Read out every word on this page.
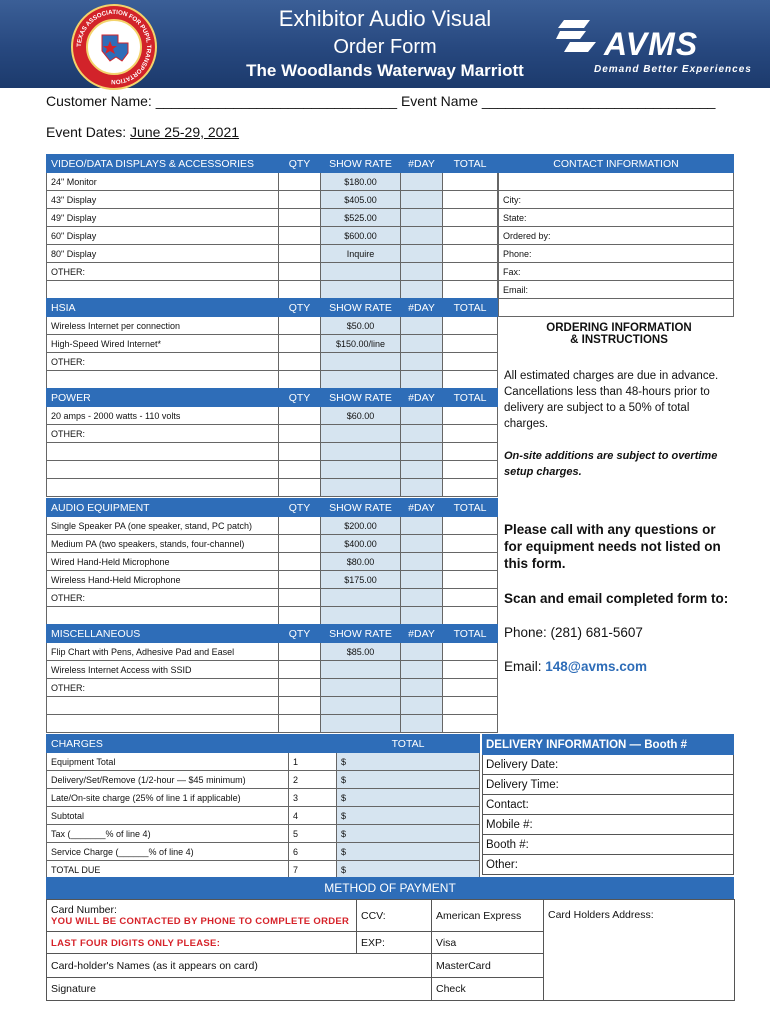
TEXAS ASSOCIATION FOR PUPIL TRANSPORTATION
Exhibitor Audio Visual
Order Form
The Woodlands Waterway Marriott
AVMS
Demand Better Experiences
Customer Name: _______________________________ Event Name ______________________________
Event Dates: June 25-29, 2021
VIDEO/DATA DISPLAYS & ACCESSORIES	QTY	SHOW RATE	#DAY	TOTAL
24" Monitor		$180.00		
43" Display		$405.00		
49" Display		$525.00		
60" Display		$600.00		
80" Display		Inquire		
OTHER:				

HSIA	QTY	SHOW RATE	#DAY	TOTAL
Wireless Internet per connection		$50.00		
High-Speed Wired Internet*		$150.00/line		
OTHER:				

POWER	QTY	SHOW RATE	#DAY	TOTAL
20 amps - 2000 watts - 110 volts		$60.00		
OTHER:				

AUDIO EQUIPMENT	QTY	SHOW RATE	#DAY	TOTAL
Single Speaker PA (one speaker, stand, PC patch)		$200.00		
Medium PA (two speakers, stands, four-channel)		$400.00		
Wired Hand-Held Microphone		$80.00		
Wireless Hand-Held Microphone		$175.00		
OTHER:				

MISCELLANEOUS	QTY	SHOW RATE	#DAY	TOTAL
Flip Chart with Pens, Adhesive Pad and Easel		$85.00		
Wireless Internet Access with SSID				
OTHER:				

CONTACT INFORMATION

City:
State:
Ordered by:
Phone:
Fax:
Email:

ORDERING INFORMATION
& INSTRUCTIONS
All estimated charges are due in advance. Cancellations less than 48-hours prior to delivery are subject to a 50% of total charges.
On-site additions are subject to overtime setup charges.
Please call with any questions or for equipment needs not listed on this form.
Scan and email completed form to:
Phone: (281) 681-5607
Email: 148@avms.com
CHARGES		TOTAL
Equipment Total	1	$
Delivery/Set/Remove (1/2-hour — $45 minimum)	2	$
Late/On-site charge (25% of line 1 if applicable)	3	$
Subtotal	4	$
Tax (_______% of line 4)	5	$
Service Charge (______% of line 4)	6	$
TOTAL DUE	7	$
DELIVERY INFORMATION — Booth #
Delivery Date:
Delivery Time:
Contact:
Mobile #:
Booth #:
Other:
METHOD OF PAYMENT
Card Number:
YOU WILL BE CONTACTED BY PHONE TO COMPLETE ORDER	CCV:	American Express	Card Holders Address:
LAST FOUR DIGITS ONLY PLEASE:	EXP:	Visa	
Card-holder's Names (as it appears on card)		MasterCard	
Signature		Check	
